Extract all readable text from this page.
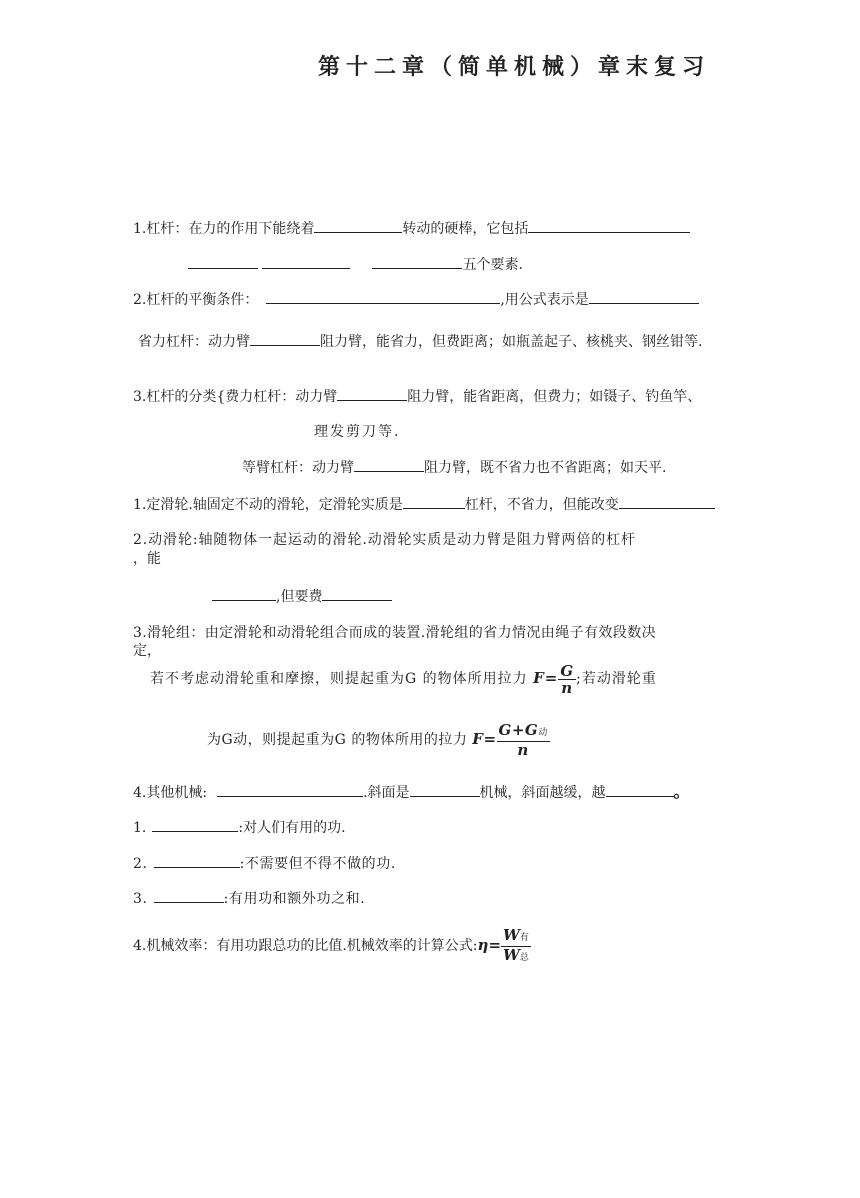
第十二章（简单机械）章末复习
1.杠杆：在力的作用下能绕着	转动的硬棒，它包括
五个要素.
2.杠杆的平衡条件：	,用公式表示是
省力杠杆：动力臂	阻力臂，能省力，但费距离；如瓶盖起子、核桃夹、钢丝钳等.
3.杠杆的分类{费力杠杆：动力臂	阻力臂，能省距离，但费力；如镊子、钓鱼竿、
理发剪刀等.
等臂杠杆：动力臂	阻力臂，既不省力也不省距离；如天平.
1.定滑轮.轴固定不动的滑轮，定滑轮实质是	杠杆，不省力，但能改变
2.动滑轮:轴随物体一起运动的滑轮.动滑轮实质是动力臂是阻力臂两倍的杠杆
，能
,但要费
3.滑轮组：由定滑轮和动滑轮组合而成的装置.滑轮组的省力情况由绳子有效段数决
定，
若不考虑动滑轮重和摩擦，则提起重为G 的物体所用拉力 $F= \frac{G}{n}$ ;若动滑轮重
为G动，则提起重为G 的物体所用的拉力 $F= \frac{\text{G+G动}}{n}$
4.其他机械:	.斜面是	机械，斜面越缓，越	。
1.	:对人们有用的功.
2.	:不需要但不得不做的功.
3.	:有用功和额外功之和.
4.机械效率：有用功跟总功的比值.机械效率的计算公式:η= $\frac{\text{W有}}{\text{W总}}$
